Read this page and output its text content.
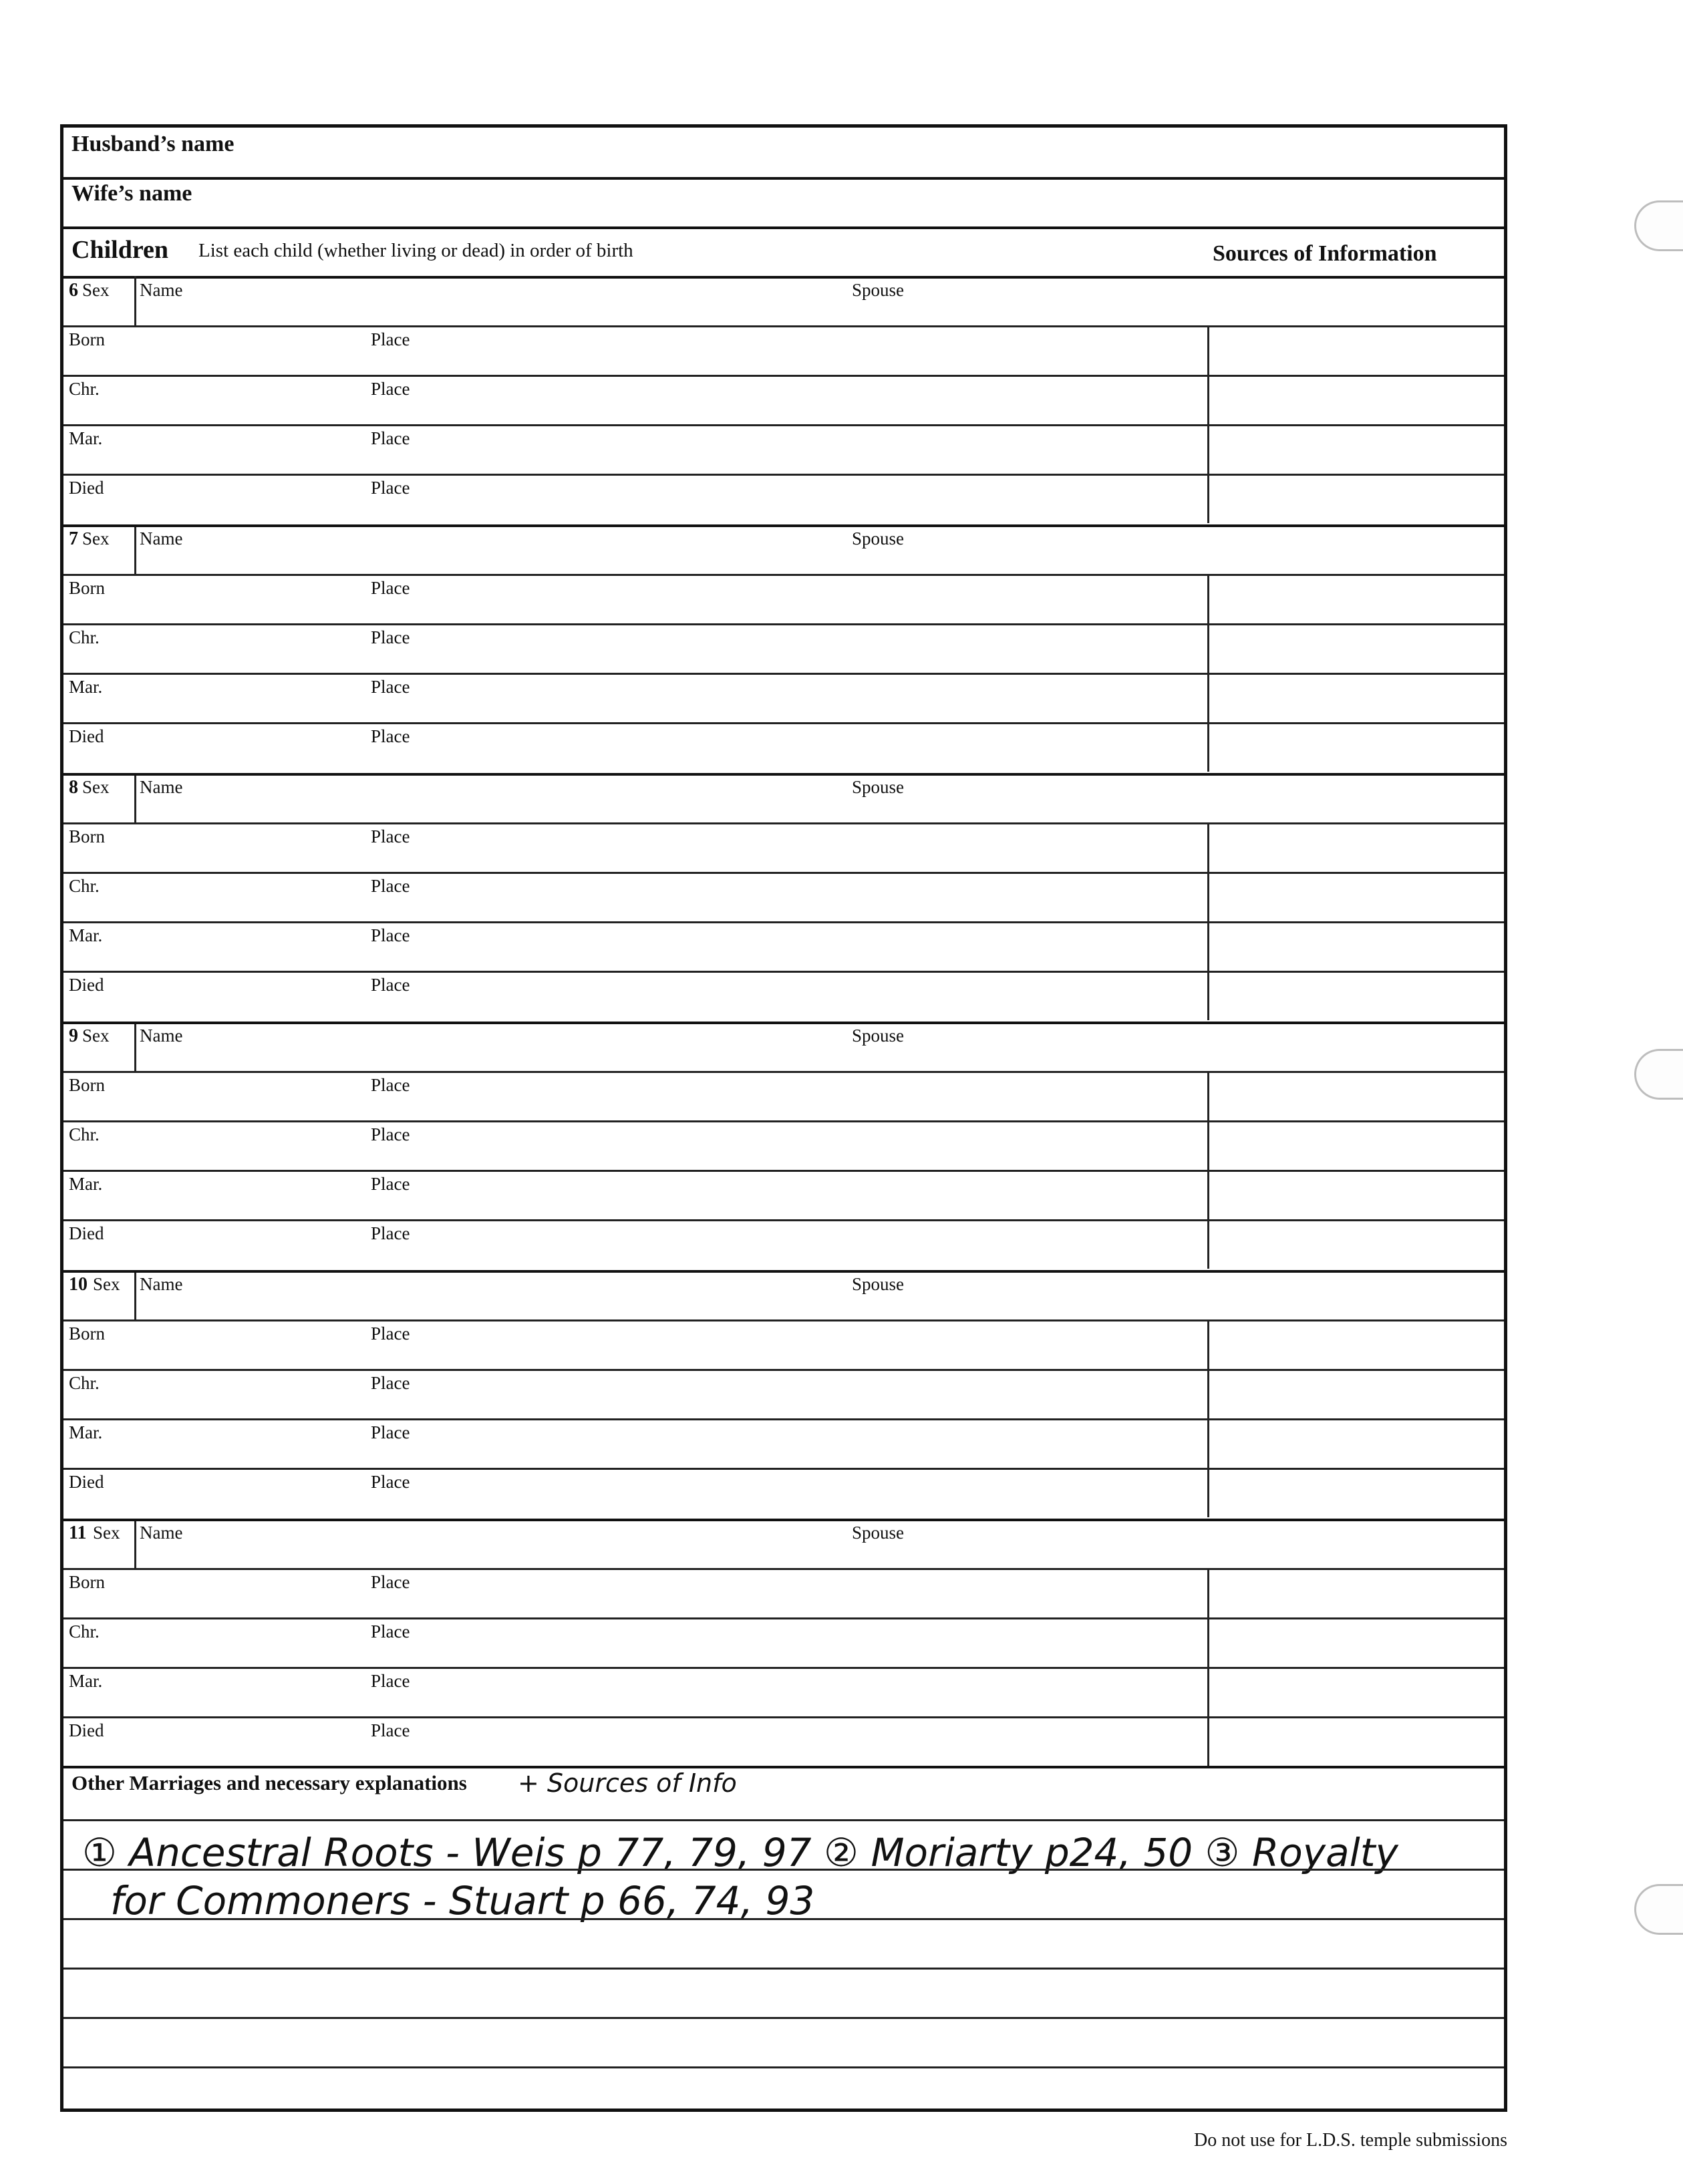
Husband’s name
Wife’s name
Children List each child (whether living or dead) in order of birth	Sources of Information
6 Sex Name	Spouse
Born	Place
Chr.	Place
Mar.	Place
Died	Place
7 Sex Name	Spouse
Born	Place
Chr.	Place
Mar.	Place
Died	Place
8 Sex Name	Spouse
Born	Place
Chr.	Place
Mar.	Place
Died	Place
9 Sex Name	Spouse
Born	Place
Chr.	Place
Mar.	Place
Died	Place
10 Sex Name	Spouse
Born	Place
Chr.	Place
Mar.	Place
Died	Place
11 Sex Name	Spouse
Born	Place
Chr.	Place
Mar.	Place
Died	Place
Other Marriages and necessary explanations + Sources of Info
① Ancestral Roots - Weis p 77, 79, 97 ② Moriarty p24, 50 ③ Royalty
for Commoners - Stuart p 66, 74, 93
Do not use for L.D.S. temple submissions
